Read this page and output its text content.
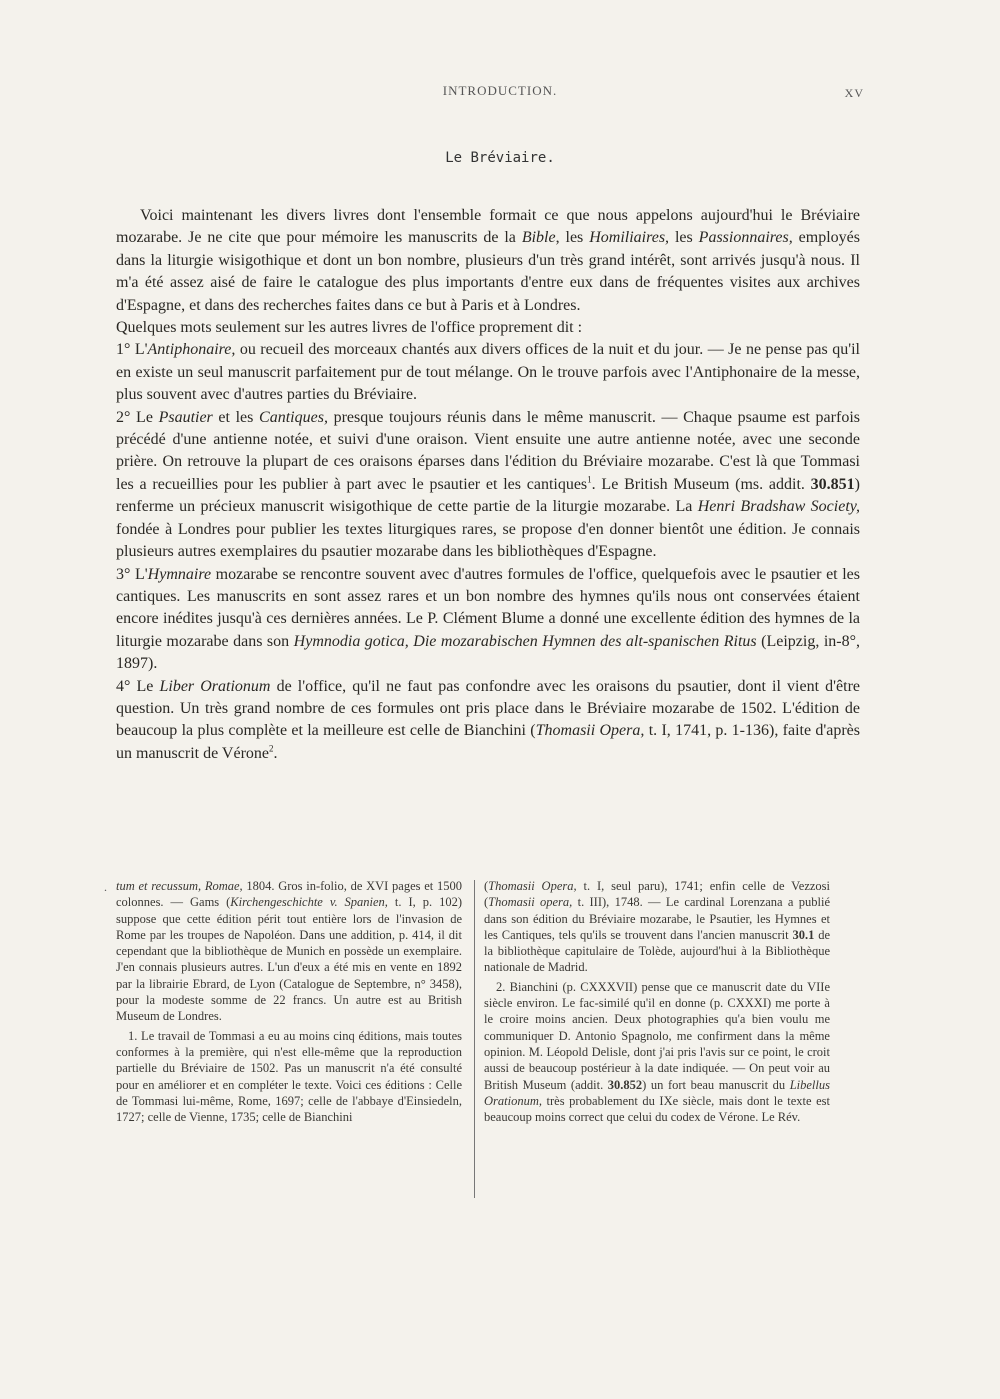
INTRODUCTION.	XV
Le Bréviaire.

Voici maintenant les divers livres dont l'ensemble formait ce que nous appelons aujourd'hui le Bréviaire mozarabe. Je ne cite que pour mémoire les manuscrits de la Bible, les Homiliaires, les Passionnaires, employés dans la liturgie wisigothique et dont un bon nombre, plusieurs d'un très grand intérêt, sont arrivés jusqu'à nous. Il m'a été assez aisé de faire le catalogue des plus importants d'entre eux dans de fréquentes visites aux archives d'Espagne, et dans des recherches faites dans ce but à Paris et à Londres.

Quelques mots seulement sur les autres livres de l'office proprement dit :

1° L'Antiphonaire, ou recueil des morceaux chantés aux divers offices de la nuit et du jour. — Je ne pense pas qu'il en existe un seul manuscrit parfaitement pur de tout mélange. On le trouve parfois avec l'Antiphonaire de la messe, plus souvent avec d'autres parties du Bréviaire.

2° Le Psautier et les Cantiques, presque toujours réunis dans le même manuscrit. — Chaque psaume est parfois précédé d'une antienne notée, et suivi d'une oraison. Vient ensuite une autre antienne notée, avec une seconde prière. On retrouve la plupart de ces oraisons éparses dans l'édition du Bréviaire mozarabe. C'est là que Tommasi les a recueillies pour les publier à part avec le psautier et les cantiques$^1$. Le British Museum (ms. addit. 30.851) renferme un précieux manuscrit wisigothique de cette partie de la liturgie mozarabe. La Henri Bradshaw Society, fondée à Londres pour publier les textes liturgiques rares, se propose d'en donner bientôt une édition. Je connais plusieurs autres exemplaires du psautier mozarabe dans les bibliothèques d'Espagne.

3° L'Hymnaire mozarabe se rencontre souvent avec d'autres formules de l'office, quelquefois avec le psautier et les cantiques. Les manuscrits en sont assez rares et un bon nombre des hymnes qu'ils nous ont conservées étaient encore inédites jusqu'à ces dernières années. Le P. Clément Blume a donné une excellente édition des hymnes de la liturgie mozarabe dans son Hymnodia gotica, Die mozarabischen Hymnen des alt-spanischen Ritus (Leipzig, in-8°, 1897).

4° Le Liber Orationum de l'office, qu'il ne faut pas confondre avec les oraisons du psautier, dont il vient d'être question. Un très grand nombre de ces formules ont pris place dans le Bréviaire mozarabe de 1502. L'édition de beaucoup la plus complète et la meilleure est celle de Bianchini (Thomasii Opera, t. I, 1741, p. 1-136), faite d'après un manuscrit de Vérone$^2$.

. tum et recussum, Romae, 1804. Gros in-folio, de XVI pages et 1500 colonnes. — Gams (Kirchengeschichte v. Spanien, t. I, p. 102) suppose que cette édition périt tout entière lors de l'invasion de Rome par les troupes de Napoléon. Dans une addition, p. 414, il dit cependant que la bibliothèque de Munich en possède un exemplaire. J'en connais plusieurs autres. L'un d'eux a été mis en vente en 1892 par la librairie Ebrard, de Lyon (Catalogue de Septembre, n° 3458), pour la modeste somme de 22 francs. Un autre est au British Museum de Londres.

1. Le travail de Tommasi a eu au moins cinq éditions, mais toutes conformes à la première, qui n'est elle-même que la reproduction partielle du Bréviaire de 1502. Pas un manuscrit n'a été consulté pour en améliorer et en compléter le texte. Voici ces éditions : Celle de Tommasi lui-même, Rome, 1697; celle de l'abbaye d'Einsiedeln, 1727; celle de Vienne, 1735; celle de Bianchini

(Thomasii Opera, t. I, seul paru), 1741; enfin celle de Vezzosi (Thomasii opera, t. III), 1748. — Le cardinal Lorenzana a publié dans son édition du Bréviaire mozarabe, le Psautier, les Hymnes et les Cantiques, tels qu'ils se trouvent dans l'ancien manuscrit 30.1 de la bibliothèque capitulaire de Tolède, aujourd'hui à la Bibliothèque nationale de Madrid.

2. Bianchini (p. CXXXVII) pense que ce manuscrit date du VIIe siècle environ. Le fac-similé qu'il en donne (p. CXXXI) me porte à le croire moins ancien. Deux photographies qu'a bien voulu me communiquer D. Antonio Spagnolo, me confirment dans la même opinion. M. Léopold Delisle, dont j'ai pris l'avis sur ce point, le croit aussi de beaucoup postérieur à la date indiquée. — On peut voir au British Museum (addit. 30.852) un fort beau manuscrit du Libellus Orationum, très probablement du IXe siècle, mais dont le texte est beaucoup moins correct que celui du codex de Vérone. Le Rév.
